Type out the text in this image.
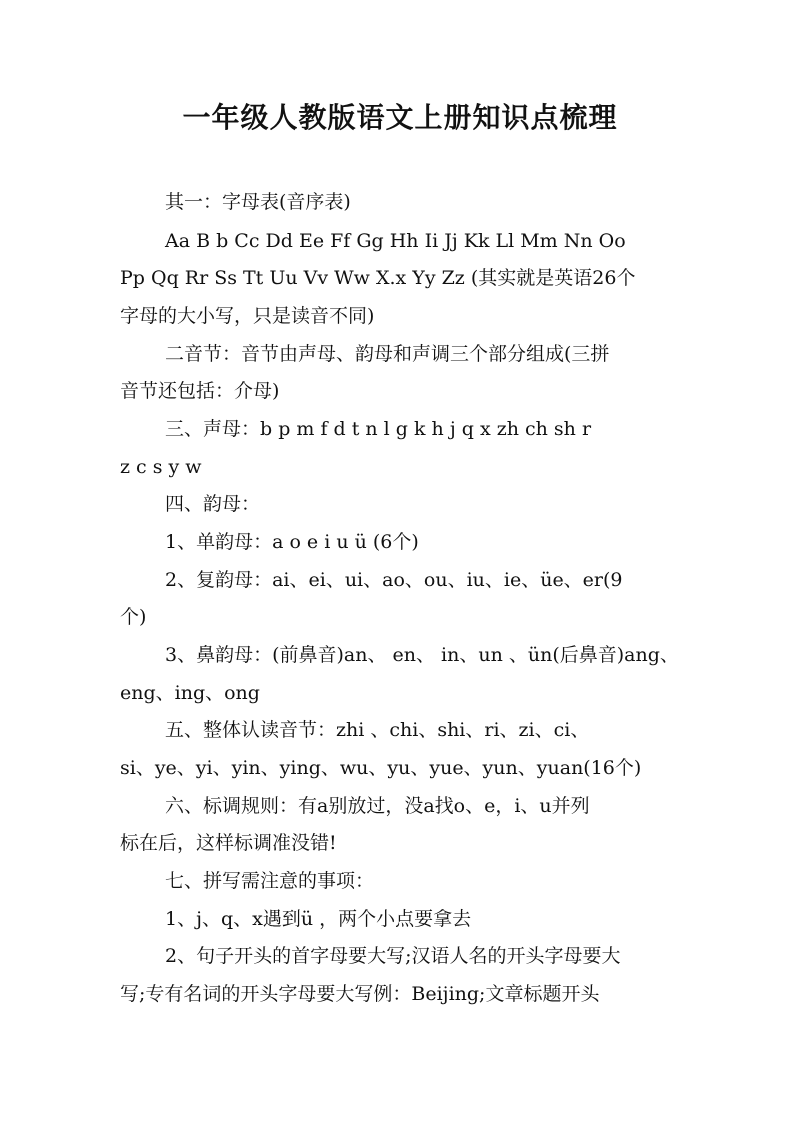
一年级人教版语文上册知识点梳理
其一：字母表(音序表)
Aa B b Cc Dd Ee Ff Gg Hh Ii Jj Kk Ll Mm Nn Oo
Pp Qq Rr Ss Tt Uu Vv Ww X.x Yy Zz (其实就是英语26个
字母的大小写，只是读音不同)
二音节：音节由声母、韵母和声调三个部分组成(三拼
音节还包括：介母)
三、声母：b p m f d t n l g k h j q x zh ch sh r
z c s y w
四、韵母：
1、单韵母：a o e i u ü (6个)
2、复韵母：ai、ei、ui、ao、ou、iu、ie、üe、er(9
个)
3、鼻韵母：(前鼻音)an、 en、 in、un 、ün(后鼻音)ang、
eng、ing、ong
五、整体认读音节：zhi 、chi、shi、ri、zi、ci、
si、ye、yi、yin、ying、wu、yu、yue、yun、yuan(16个)
六、标调规则：有a别放过，没a找o、e，i、u并列
标在后，这样标调准没错!
七、拼写需注意的事项：
1、j、q、x遇到ü ，两个小点要拿去
2、句子开头的首字母要大写;汉语人名的开头字母要大
写;专有名词的开头字母要大写例：Beijing;文章标题开头
